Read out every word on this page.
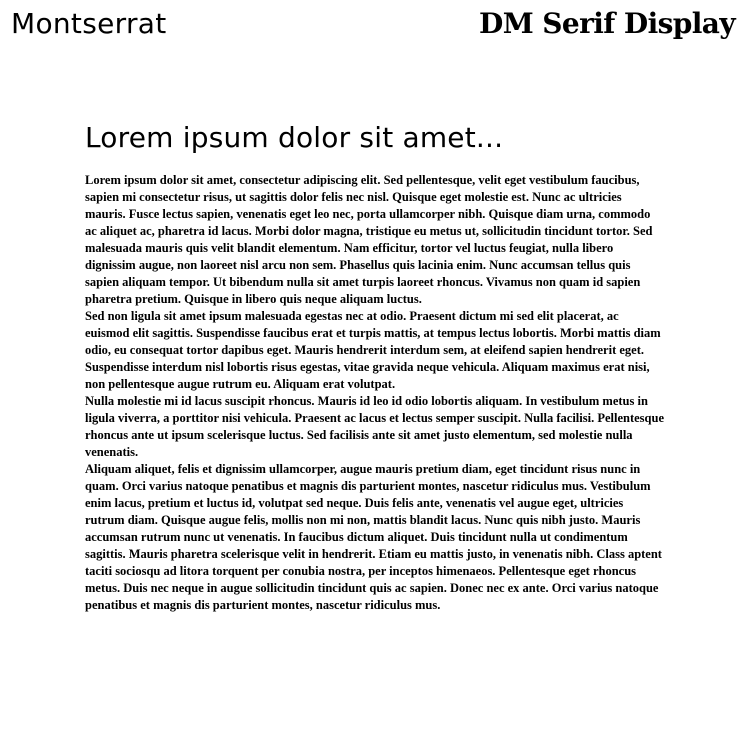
Montserrat	DM Serif Display
Lorem ipsum dolor sit amet...

Lorem ipsum dolor sit amet, consectetur adipiscing elit. Sed pellentesque, velit eget vestibulum faucibus, sapien mi consectetur risus, ut sagittis dolor felis nec nisl. Quisque eget molestie est. Nunc ac ultricies mauris. Fusce lectus sapien, venenatis eget leo nec, porta ullamcorper nibh. Quisque diam urna, commodo ac aliquet ac, pharetra id lacus. Morbi dolor magna, tristique eu metus ut, sollicitudin tincidunt tortor. Sed malesuada mauris quis velit blandit elementum. Nam efficitur, tortor vel luctus feugiat, nulla libero dignissim augue, non laoreet nisl arcu non sem. Phasellus quis lacinia enim. Nunc accumsan tellus quis sapien aliquam tempor. Ut bibendum nulla sit amet turpis laoreet rhoncus. Vivamus non quam id sapien pharetra pretium. Quisque in libero quis neque aliquam luctus.

Sed non ligula sit amet ipsum malesuada egestas nec at odio. Praesent dictum mi sed elit placerat, ac euismod elit sagittis. Suspendisse faucibus erat et turpis mattis, at tempus lectus lobortis. Morbi mattis diam odio, eu consequat tortor dapibus eget. Mauris hendrerit interdum sem, at eleifend sapien hendrerit eget. Suspendisse interdum nisl lobortis risus egestas, vitae gravida neque vehicula. Aliquam maximus erat nisi, non pellentesque augue rutrum eu. Aliquam erat volutpat.

Nulla molestie mi id lacus suscipit rhoncus. Mauris id leo id odio lobortis aliquam. In vestibulum metus in ligula viverra, a porttitor nisi vehicula. Praesent ac lacus et lectus semper suscipit. Nulla facilisi. Pellentesque rhoncus ante ut ipsum scelerisque luctus. Sed facilisis ante sit amet justo elementum, sed molestie nulla venenatis.

Aliquam aliquet, felis et dignissim ullamcorper, augue mauris pretium diam, eget tincidunt risus nunc in quam. Orci varius natoque penatibus et magnis dis parturient montes, nascetur ridiculus mus. Vestibulum enim lacus, pretium et luctus id, volutpat sed neque. Duis felis ante, venenatis vel augue eget, ultricies rutrum diam. Quisque augue felis, mollis non mi non, mattis blandit lacus. Nunc quis nibh justo. Mauris accumsan rutrum nunc ut venenatis. In faucibus dictum aliquet. Duis tincidunt nulla ut condimentum sagittis. Mauris pharetra scelerisque velit in hendrerit. Etiam eu mattis justo, in venenatis nibh. Class aptent taciti sociosqu ad litora torquent per conubia nostra, per inceptos himenaeos. Pellentesque eget rhoncus metus. Duis nec neque in augue sollicitudin tincidunt quis ac sapien. Donec nec ex ante. Orci varius natoque penatibus et magnis dis parturient montes, nascetur ridiculus mus.
